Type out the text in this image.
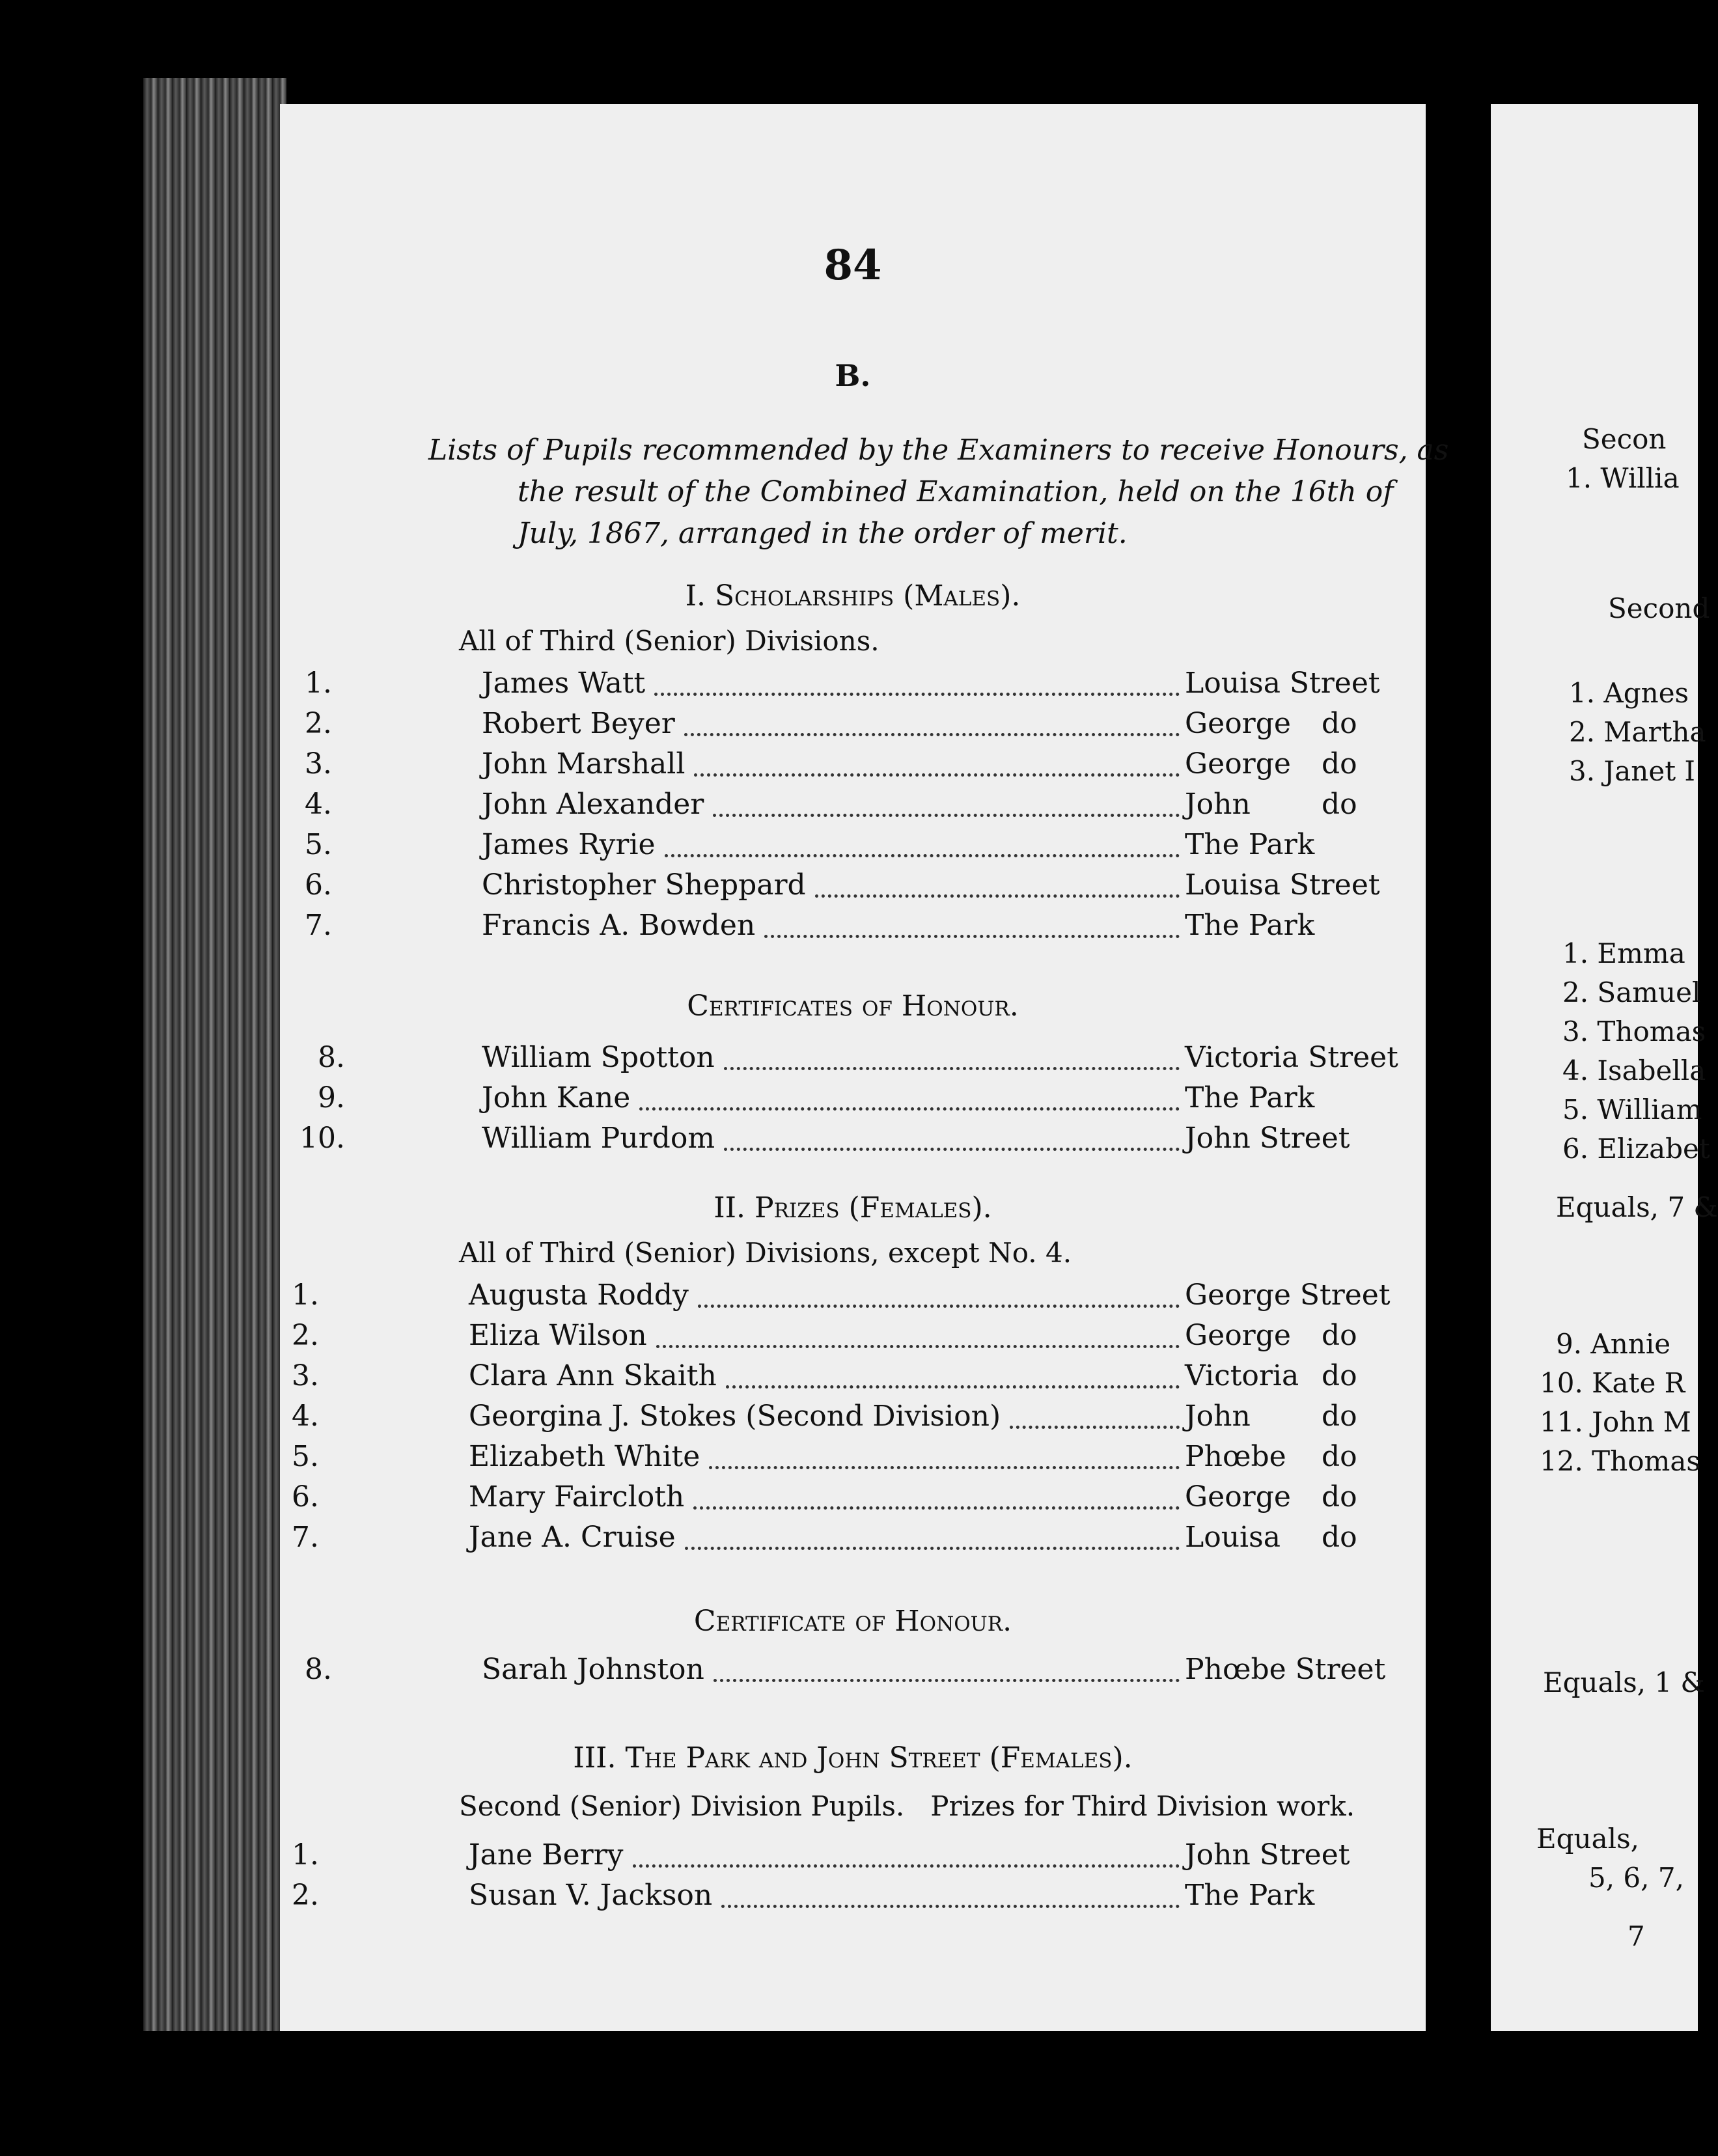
84
B.
Lists of Pupils recommended by the Examiners to receive Honours, as
the result of the Combined Examination, held on the 16th of
July, 1867, arranged in the order of merit.
I. Scholarships (Males).
All of Third (Senior) Divisions.
1.	James Watt	Louisa Street
2.	Robert Beyer	George do
3.	John Marshall	George do
4.	John Alexander	John do
5.	James Ryrie	The Park
6.	Christopher Sheppard	Louisa Street
7.	Francis A. Bowden	The Park
Certificates of Honour.
8.	William Spotton	Victoria Street
9.	John Kane	The Park
10.	William Purdom	John Street
II. Prizes (Females).
All of Third (Senior) Divisions, except No. 4.
1.	Augusta Roddy	George Street
2.	Eliza Wilson	George do
3.	Clara Ann Skaith	Victoria do
4.	Georgina J. Stokes (Second Division)	John do
5.	Elizabeth White	Phœbe do
6.	Mary Faircloth	George do
7.	Jane A. Cruise	Louisa do
Certificate of Honour.
8.	Sarah Johnston	Phœbe Street
III. The Park and John Street (Females).
Second (Senior) Division Pupils.   Prizes for Third Division work.
1.	Jane Berry	John Street
2.	Susan V. Jackson	The Park
Secon
1. Willia
Second
1. Agnes
2. Martha
3. Janet I
1. Emma
2. Samuel
3. Thomas
4. Isabella
5. William
6. Elizabet
Equals, 7 &
9. Annie
10. Kate R
11. John M
12. Thomas
Equals, 1 &
Equals,
5, 6, 7,
7
